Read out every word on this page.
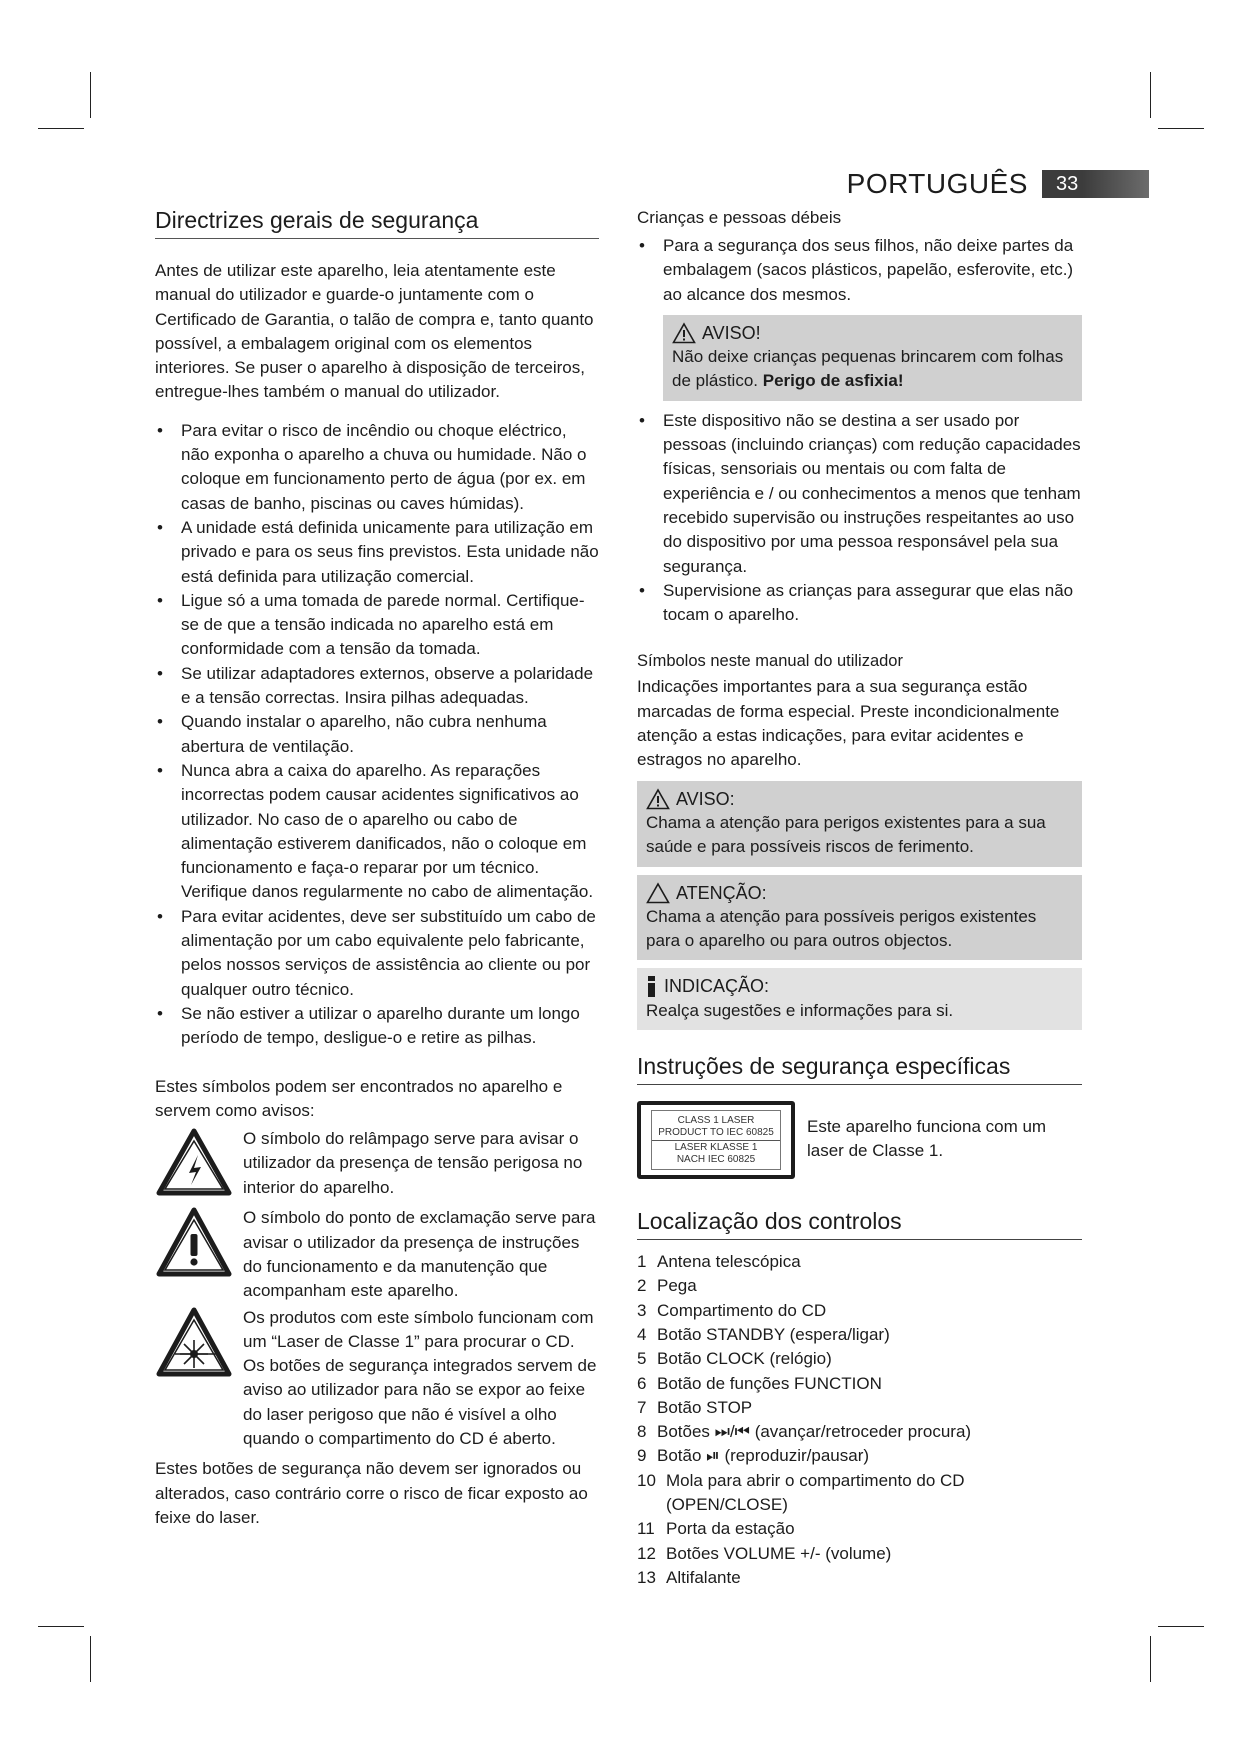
PORTUGUÊS	33
Directrizes gerais de segurança

Antes de utilizar este aparelho, leia atentamente este manual do utilizador e guarde-o juntamente com o Certificado de Garantia, o talão de compra e, tanto quanto possível, a embalagem original com os elementos interiores. Se puser o aparelho à disposição de terceiros, entregue-lhes também o manual do utilizador.

• Para evitar o risco de incêndio ou choque eléctrico, não exponha o aparelho a chuva ou humidade. Não o coloque em funcionamento perto de água (por ex. em casas de banho, piscinas ou caves húmidas).
• A unidade está definida unicamente para utilização em privado e para os seus fins previstos. Esta unidade não está definida para utilização comercial.
• Ligue só a uma tomada de parede normal. Certifique-se de que a tensão indicada no aparelho está em conformidade com a tensão da tomada.
• Se utilizar adaptadores externos, observe a polaridade e a tensão correctas. Insira pilhas adequadas.
• Quando instalar o aparelho, não cubra nenhuma abertura de ventilação.
• Nunca abra a caixa do aparelho. As reparações incorrectas podem causar acidentes significativos ao utilizador. No caso de o aparelho ou cabo de alimentação estiverem danificados, não o coloque em funcionamento e faça-o reparar por um técnico. Verifique danos regularmente no cabo de alimentação.
• Para evitar acidentes, deve ser substituído um cabo de alimentação por um cabo equivalente pelo fabricante, pelos nossos serviços de assistência ao cliente ou por qualquer outro técnico.
• Se não estiver a utilizar o aparelho durante um longo período de tempo, desligue-o e retire as pilhas.

Estes símbolos podem ser encontrados no aparelho e servem como avisos:

O símbolo do relâmpago serve para avisar o utilizador da presença de tensão perigosa no interior do aparelho.

O símbolo do ponto de exclamação serve para avisar o utilizador da presença de instruções do funcionamento e da manutenção que acompanham este aparelho.

Os produtos com este símbolo funcionam com um “Laser de Classe 1” para procurar o CD. Os botões de segurança integrados servem de aviso ao utilizador para não se expor ao feixe do laser perigoso que não é visível a olho quando o compartimento do CD é aberto.

Estes botões de segurança não devem ser ignorados ou alterados, caso contrário corre o risco de ficar exposto ao feixe do laser.

Crianças e pessoas débeis
• Para a segurança dos seus filhos, não deixe partes da embalagem (sacos plásticos, papelão, esferovite, etc.) ao alcance dos mesmos.
AVISO!

Não deixe crianças pequenas brincarem com folhas de plástico. Perigo de asfixia!

• Este dispositivo não se destina a ser usado por pessoas (incluindo crianças) com redução capacidades físicas, sensoriais ou mentais ou com falta de experiência e / ou conhecimentos a menos que tenham recebido supervisão ou instruções respeitantes ao uso do dispositivo por uma pessoa responsável pela sua segurança.
• Supervisione as crianças para assegurar que elas não tocam o aparelho.
Símbolos neste manual do utilizador

Indicações importantes para a sua segurança estão marcadas de forma especial. Preste incondicionalmente atenção a estas indicações, para evitar acidentes e estragos no aparelho.

AVISO:

Chama a atenção para perigos existentes para a sua saúde e para possíveis riscos de ferimento.

ATENÇÃO:

Chama a atenção para possíveis perigos existentes para o aparelho ou para outros objectos.

INDICAÇÃO:

Realça sugestões e informações para si.

Instruções de segurança específicas
CLASS 1 LASER
PRODUCT TO IEC 60825
LASER KLASSE 1
NACH IEC 60825

Este aparelho funciona com um laser de Classe 1.

Localização dos controlos
1 Antena telescópica
2 Pega
3 Compartimento do CD
4 Botão STANDBY (espera/ligar)
5 Botão CLOCK (relógio)
6 Botão de funções FUNCTION
7 Botão STOP
8 Botões ⏭/⏮ (avançar/retroceder procura)
9 Botão ⏯ (reproduzir/pausar)
10 Mola para abrir o compartimento do CD (OPEN/CLOSE)
11 Porta da estação
12 Botões VOLUME +/- (volume)
13 Altifalante
